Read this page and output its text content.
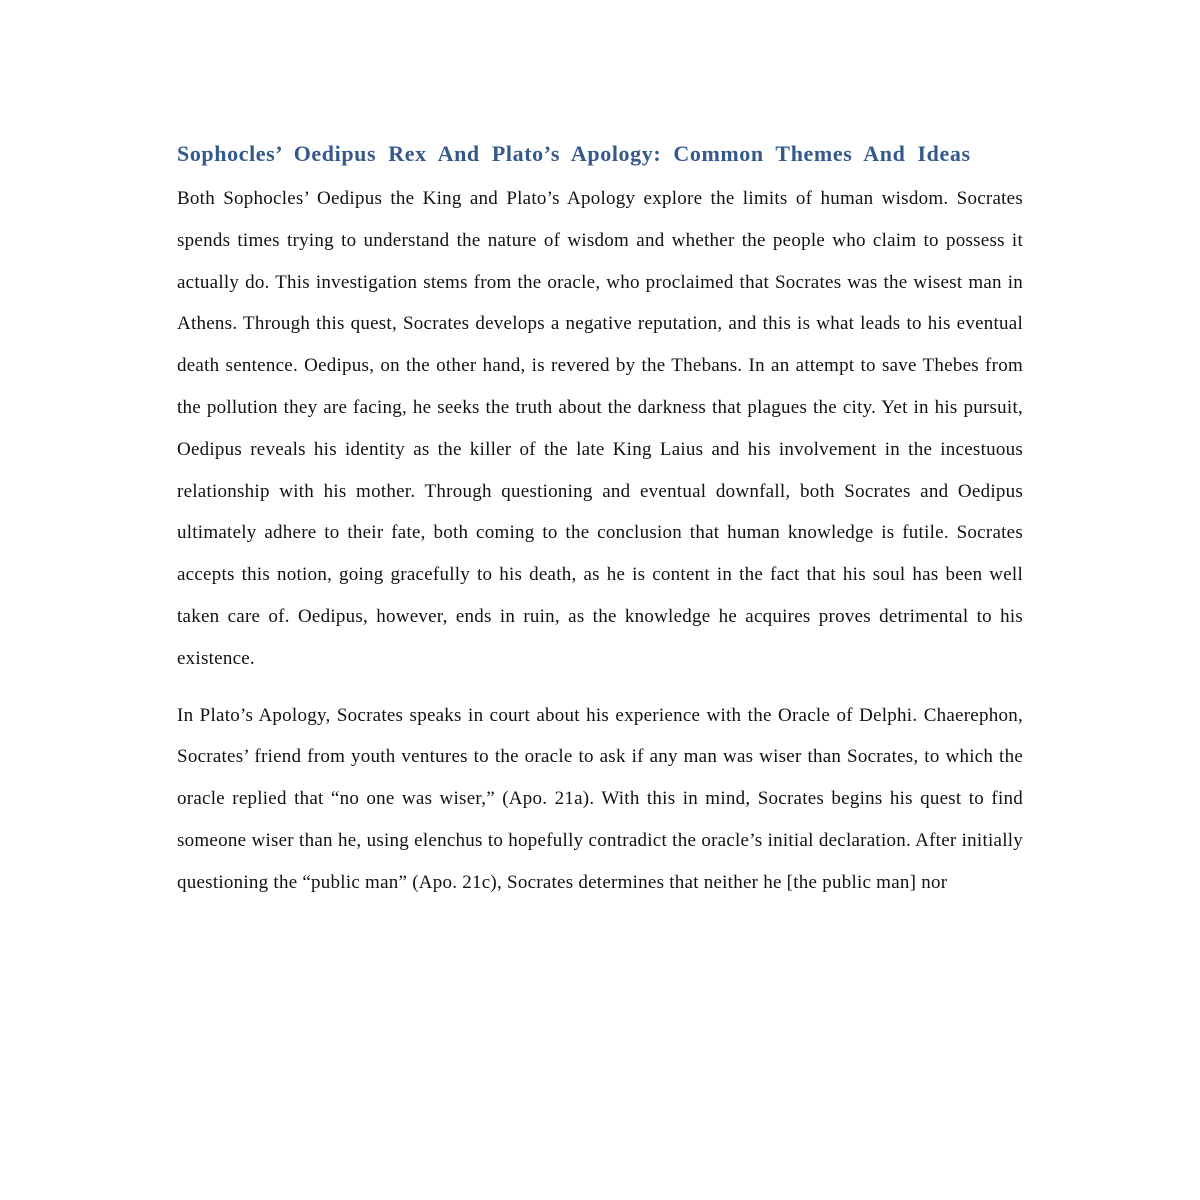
Sophocles’ Oedipus Rex And Plato’s Apology: Common Themes And Ideas

Both Sophocles’ Oedipus the King and Plato’s Apology explore the limits of human wisdom. Socrates spends times trying to understand the nature of wisdom and whether the people who claim to possess it actually do. This investigation stems from the oracle, who proclaimed that Socrates was the wisest man in Athens. Through this quest, Socrates develops a negative reputation, and this is what leads to his eventual death sentence. Oedipus, on the other hand, is revered by the Thebans. In an attempt to save Thebes from the pollution they are facing, he seeks the truth about the darkness that plagues the city. Yet in his pursuit, Oedipus reveals his identity as the killer of the late King Laius and his involvement in the incestuous relationship with his mother. Through questioning and eventual downfall, both Socrates and Oedipus ultimately adhere to their fate, both coming to the conclusion that human knowledge is futile. Socrates accepts this notion, going gracefully to his death, as he is content in the fact that his soul has been well taken care of. Oedipus, however, ends in ruin, as the knowledge he acquires proves detrimental to his existence.

In Plato’s Apology, Socrates speaks in court about his experience with the Oracle of Delphi. Chaerephon, Socrates’ friend from youth ventures to the oracle to ask if any man was wiser than Socrates, to which the oracle replied that “no one was wiser,” (Apo. 21a). With this in mind, Socrates begins his quest to find someone wiser than he, using elenchus to hopefully contradict the oracle’s initial declaration. After initially questioning the “public man” (Apo. 21c), Socrates determines that neither he [the public man] nor
